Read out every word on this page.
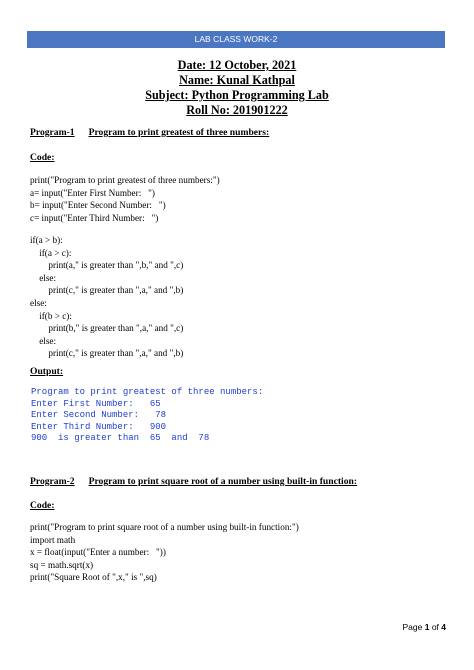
LAB CLASS WORK-2
Date: 12 October, 2021
Name: Kunal Kathpal
Subject: Python Programming Lab
Roll No: 201901222
Program-1 Program to print greatest of three numbers:
Code:
print("Program to print greatest of three numbers:")
a= input("Enter First Number:   ")
b= input("Enter Second Number:   ")
c= input("Enter Third Number:   ")
if(a > b):
if(a > c):
print(a," is greater than ",b," and ",c)
else:
print(c," is greater than ",a," and ",b)
else:
if(b > c):
print(b," is greater than ",a," and ",c)
else:
print(c," is greater than ",a," and ",b)
Output:
Program to print greatest of three numbers:
Enter First Number:   65
Enter Second Number:   78
Enter Third Number:   900
900  is greater than  65  and  78
Program-2 Program to print square root of a number using built-in function:
Code:
print("Program to print square root of a number using built-in function:")
import math
x = float(input("Enter a number:   "))
sq = math.sqrt(x)
print("Square Root of ",x," is ",sq)
Page 1 of 4
